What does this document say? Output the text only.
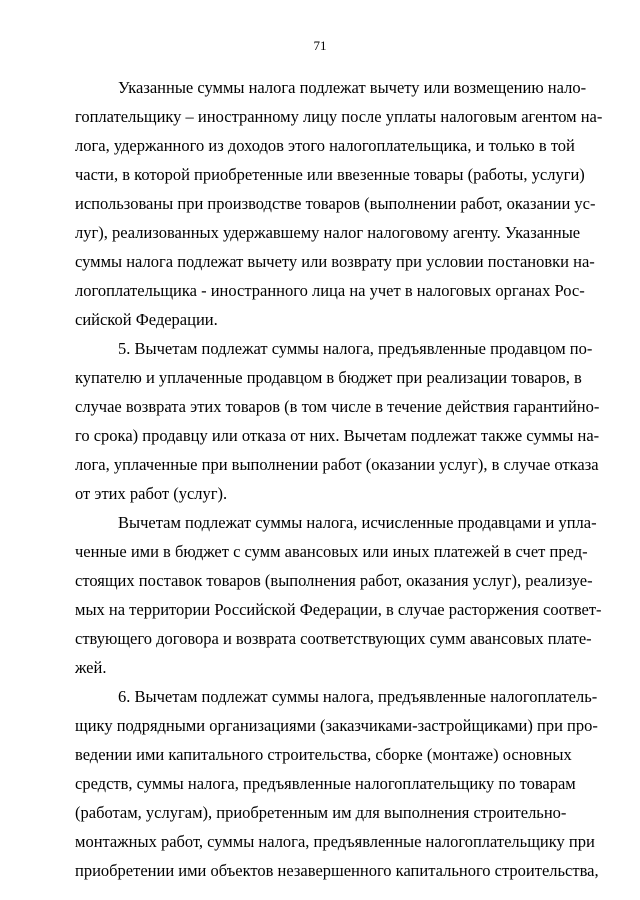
71
Указанные суммы налога подлежат вычету или возмещению нало-
гоплательщику – иностранному лицу после уплаты налоговым агентом на-
лога, удержанного из доходов этого налогоплательщика, и только в той
части, в которой приобретенные или ввезенные товары (работы, услуги)
использованы при производстве товаров (выполнении работ, оказании ус-
луг), реализованных удержавшему налог налоговому агенту. Указанные
суммы налога подлежат вычету или возврату при условии постановки на-
логоплательщика - иностранного лица на учет в налоговых органах Рос-
сийской Федерации.
5. Вычетам подлежат суммы налога, предъявленные продавцом по-
купателю и уплаченные продавцом в бюджет при реализации товаров, в
случае возврата этих товаров (в том числе в течение действия гарантийно-
го срока) продавцу или отказа от них. Вычетам подлежат также суммы на-
лога, уплаченные при выполнении работ (оказании услуг), в случае отказа
от этих работ (услуг).
Вычетам подлежат суммы налога, исчисленные продавцами и упла-
ченные ими в бюджет с сумм авансовых или иных платежей в счет пред-
стоящих поставок товаров (выполнения работ, оказания услуг), реализуе-
мых на территории Российской Федерации, в случае расторжения соответ-
ствующего договора и возврата соответствующих сумм авансовых плате-
жей.
6. Вычетам подлежат суммы налога, предъявленные налогоплатель-
щику подрядными организациями (заказчиками-застройщиками) при про-
ведении ими капитального строительства, сборке (монтаже) основных
средств, суммы налога, предъявленные налогоплательщику по товарам
(работам, услугам), приобретенным им для выполнения строительно-
монтажных работ, суммы налога, предъявленные налогоплательщику при
приобретении ими объектов незавершенного капитального строительства,
